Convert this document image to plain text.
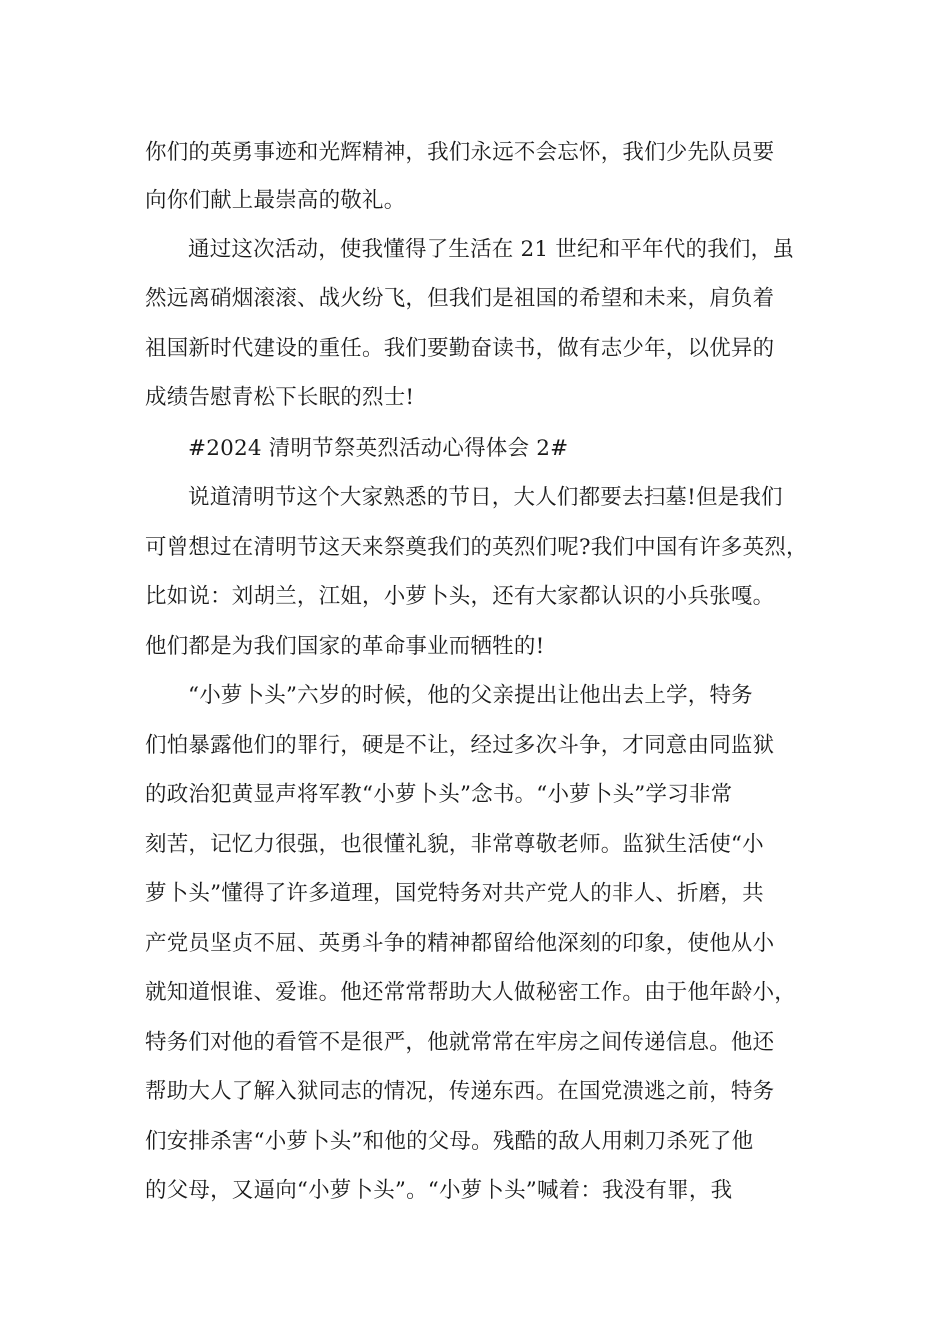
你们的英勇事迹和光辉精神，我们永远不会忘怀，我们少先队员要
向你们献上最崇高的敬礼。
通过这次活动，使我懂得了生活在 21 世纪和平年代的我们，虽
然远离硝烟滚滚、战火纷飞，但我们是祖国的希望和未来，肩负着
祖国新时代建设的重任。我们要勤奋读书，做有志少年，以优异的
成绩告慰青松下长眠的烈士!
#2024 清明节祭英烈活动心得体会 2#
说道清明节这个大家熟悉的节日，大人们都要去扫墓!但是我们
可曾想过在清明节这天来祭奠我们的英烈们呢?我们中国有许多英烈，
比如说：刘胡兰，江姐，小萝卜头，还有大家都认识的小兵张嘎。
他们都是为我们国家的革命事业而牺牲的!
“小萝卜头”六岁的时候，他的父亲提出让他出去上学，特务
们怕暴露他们的罪行，硬是不让，经过多次斗争，才同意由同监狱
的政治犯黄显声将军教“小萝卜头”念书。“小萝卜头”学习非常
刻苦，记忆力很强，也很懂礼貌，非常尊敬老师。监狱生活使“小
萝卜头”懂得了许多道理，国党特务对共产党人的非人、折磨，共
产党员坚贞不屈、英勇斗争的精神都留给他深刻的印象，使他从小
就知道恨谁、爱谁。他还常常帮助大人做秘密工作。由于他年龄小，
特务们对他的看管不是很严，他就常常在牢房之间传递信息。他还
帮助大人了解入狱同志的情况，传递东西。在国党溃逃之前，特务
们安排杀害“小萝卜头”和他的父母。残酷的敌人用刺刀杀死了他
的父母，又逼向“小萝卜头”。“小萝卜头”喊着：我没有罪，我
